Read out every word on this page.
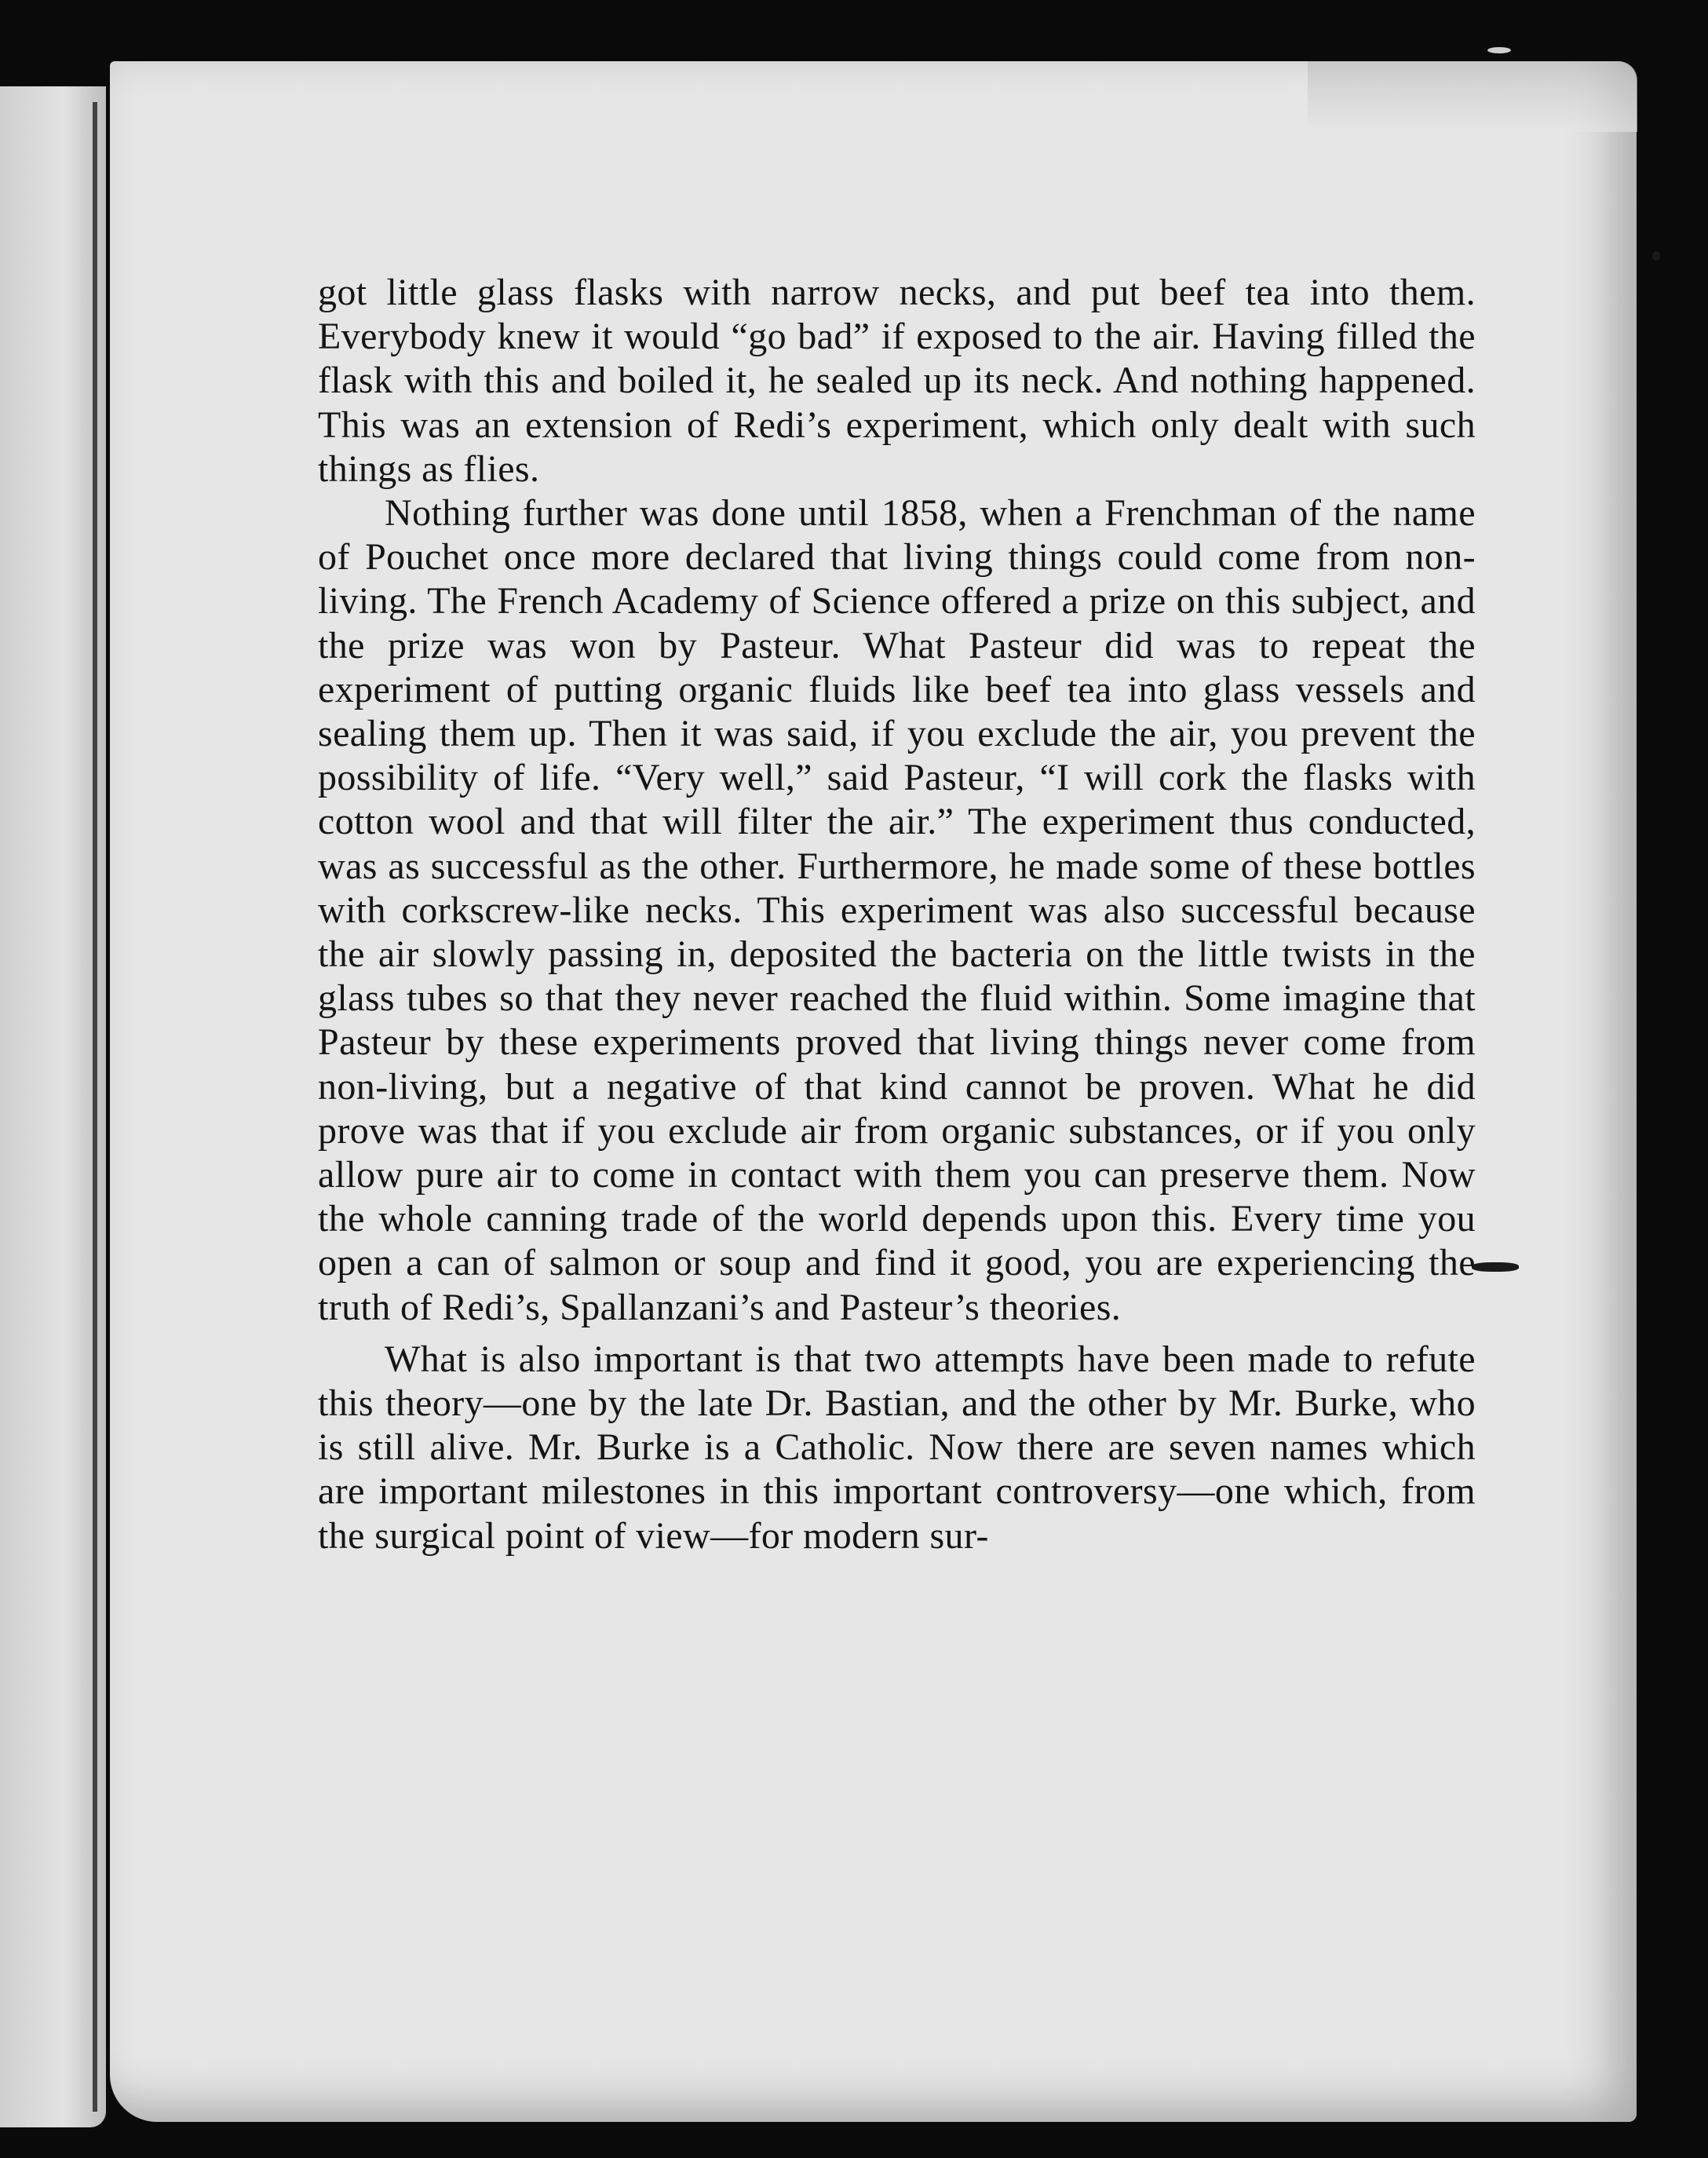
got little glass flasks with narrow necks, and put beef tea into them. Everybody knew it would “go bad” if exposed to the air. Having filled the flask with this and boiled it, he sealed up its neck. And nothing happened. This was an extension of Redi’s experiment, which only dealt with such things as flies.

Nothing further was done until 1858, when a Frenchman of the name of Pouchet once more declared that living things could come from non-living. The French Academy of Science offered a prize on this subject, and the prize was won by Pasteur. What Pasteur did was to repeat the experiment of putting organic fluids like beef tea into glass vessels and sealing them up. Then it was said, if you exclude the air, you prevent the possibility of life. “Very well,” said Pasteur, “I will cork the flasks with cotton wool and that will filter the air.” The experiment thus conducted, was as successful as the other. Furthermore, he made some of these bottles with corkscrew-like necks. This experiment was also successful because the air slowly passing in, deposited the bacteria on the little twists in the glass tubes so that they never reached the fluid within. Some imagine that Pasteur by these experiments proved that living things never come from non-living, but a negative of that kind cannot be proven. What he did prove was that if you exclude air from organic substances, or if you only allow pure air to come in contact with them you can preserve them. Now the whole canning trade of the world depends upon this. Every time you open a can of salmon or soup and find it good, you are experiencing the truth of Redi’s, Spallanzani’s and Pasteur’s theories.

What is also important is that two attempts have been made to refute this theory—one by the late Dr. Bastian, and the other by Mr. Burke, who is still alive. Mr. Burke is a Catholic. Now there are seven names which are important milestones in this important controversy—one which, from the surgical point of view—for modern sur-
